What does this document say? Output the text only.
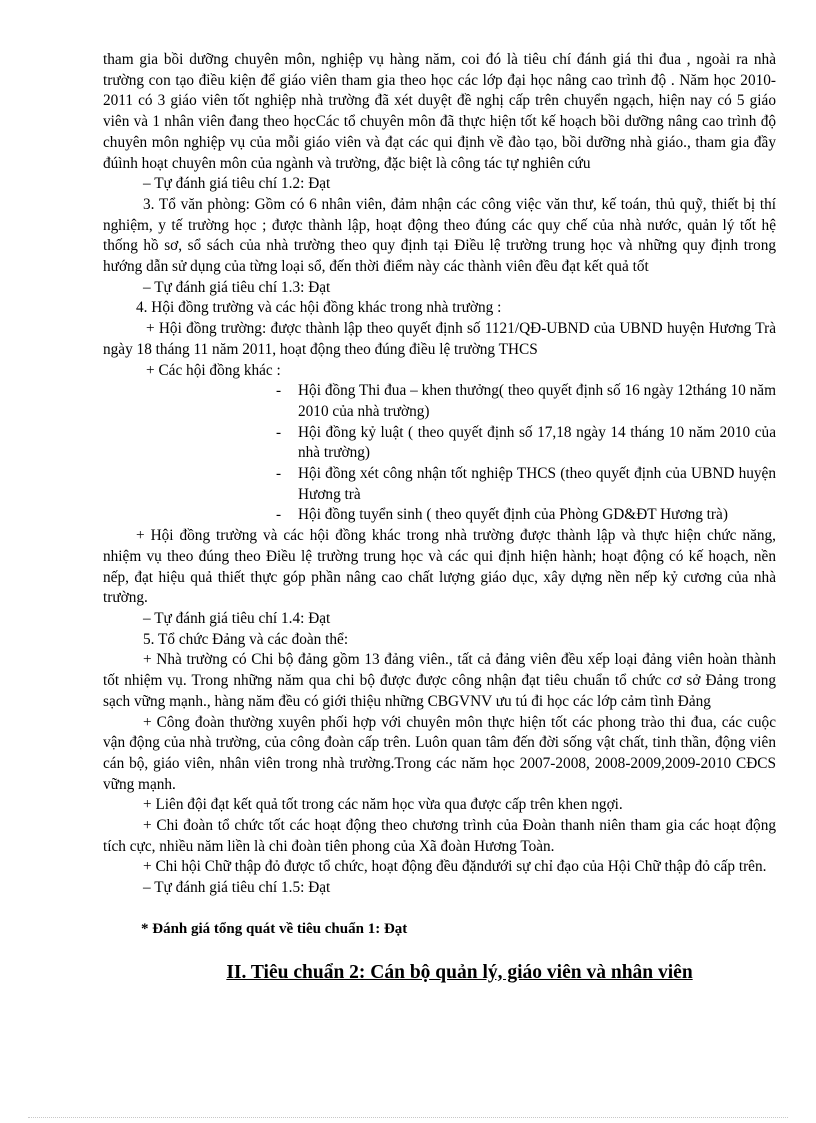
tham gia bồi dưỡng chuyên môn, nghiệp vụ hàng năm, coi đó là tiêu chí đánh giá thi đua , ngoài ra nhà trường con tạo điều kiện để giáo viên tham gia theo học các lớp đại học nâng cao trình độ . Năm học 2010-2011 có 3 giáo viên tốt nghiệp nhà trường đã xét duyệt đề nghị cấp trên chuyển ngạch, hiện nay có 5 giáo viên và 1 nhân viên đang theo họcCác tổ chuyên môn đã thực hiện tốt kế hoạch bồi dưỡng nâng cao trình độ chuyên môn nghiệp vụ của mỗi giáo viên và đạt các qui định về đào tạo, bồi dưỡng nhà giáo., tham gia đầy đúình hoạt chuyên môn của ngành và trường, đặc biệt là công tác tự nghiên cứu

– Tự đánh giá tiêu chí 1.2: Đạt

3. Tổ văn phòng: Gồm có 6 nhân viên, đảm nhận các công việc văn thư, kế toán, thủ quỹ, thiết bị thí nghiệm, y tế trường học ; được thành lập, hoạt động theo đúng các quy chế của nhà nước, quản lý tốt hệ thống hồ sơ, sổ sách của nhà trường theo quy định tại Điều lệ trường trung học và những quy định trong hướng dẫn sử dụng của từng loại sổ, đến thời điểm này các thành viên đều đạt kết quả tốt

– Tự đánh giá tiêu chí 1.3: Đạt

4. Hội đồng trường và các hội đồng khác trong nhà trường :

+ Hội đồng trường: được thành lập theo quyết định số 1121/QĐ-UBND của UBND huyện Hương Trà ngày 18 tháng 11 năm 2011, hoạt động theo đúng điều lệ trường THCS

+ Các hội đồng khác :

- Hội đồng Thi đua – khen thưởng( theo quyết định số 16 ngày 12tháng 10 năm 2010 của nhà trường)
- Hội đồng kỷ luật ( theo quyết định số 17,18 ngày 14 tháng 10 năm 2010 của nhà trường)
- Hội đồng xét công nhận tốt nghiệp THCS (theo quyết định của UBND huyện Hương trà
- Hội đồng tuyển sinh ( theo quyết định của Phòng GD&ĐT Hương trà)

+ Hội đồng trường và các hội đồng khác trong nhà trường được thành lập và thực hiện chức năng, nhiệm vụ theo đúng theo Điều lệ trường trung học và các qui định hiện hành; hoạt động có kế hoạch, nền nếp, đạt hiệu quả thiết thực góp phần nâng cao chất lượng giáo dục, xây dựng nền nếp kỷ cương của nhà trường.

– Tự đánh giá tiêu chí 1.4: Đạt

5. Tổ chức Đảng và các đoàn thể:

+ Nhà trường có Chi bộ đảng gồm 13 đảng viên., tất cả đảng viên đều xếp loại đảng viên hoàn thành tốt nhiệm vụ. Trong những năm qua chi bộ được được công nhận đạt tiêu chuẩn tổ chức cơ sở Đảng trong sạch vững mạnh., hàng năm đều có giới thiệu những CBGVNV ưu tú đi học các lớp cảm tình Đảng

+ Công đoàn thường xuyên phối hợp với chuyên môn thực hiện tốt các phong trào thi đua, các cuộc vận động của nhà trường, của công đoàn cấp trên. Luôn quan tâm đến đời sống vật chất, tinh thần, động viên cán bộ, giáo viên, nhân viên trong nhà trường.Trong các năm học 2007-2008, 2008-2009,2009-2010 CĐCS vững mạnh.

+ Liên đội đạt kết quả tốt trong các năm học vừa qua được cấp trên khen ngợi.

+ Chi đoàn tổ chức tốt các hoạt động theo chương trình của Đoàn thanh niên tham gia các hoạt động tích cực, nhiều năm liền là chi đoàn tiên phong của Xã đoàn Hương Toàn.

+ Chi hội Chữ thập đỏ được tổ chức, hoạt động đều đặndưới sự chỉ đạo của Hội Chữ thập đỏ cấp trên.

– Tự đánh giá tiêu chí 1.5: Đạt

* Đánh giá tổng quát về tiêu chuẩn 1: Đạt

II. Tiêu chuẩn 2: Cán bộ quản lý, giáo viên và nhân viên
